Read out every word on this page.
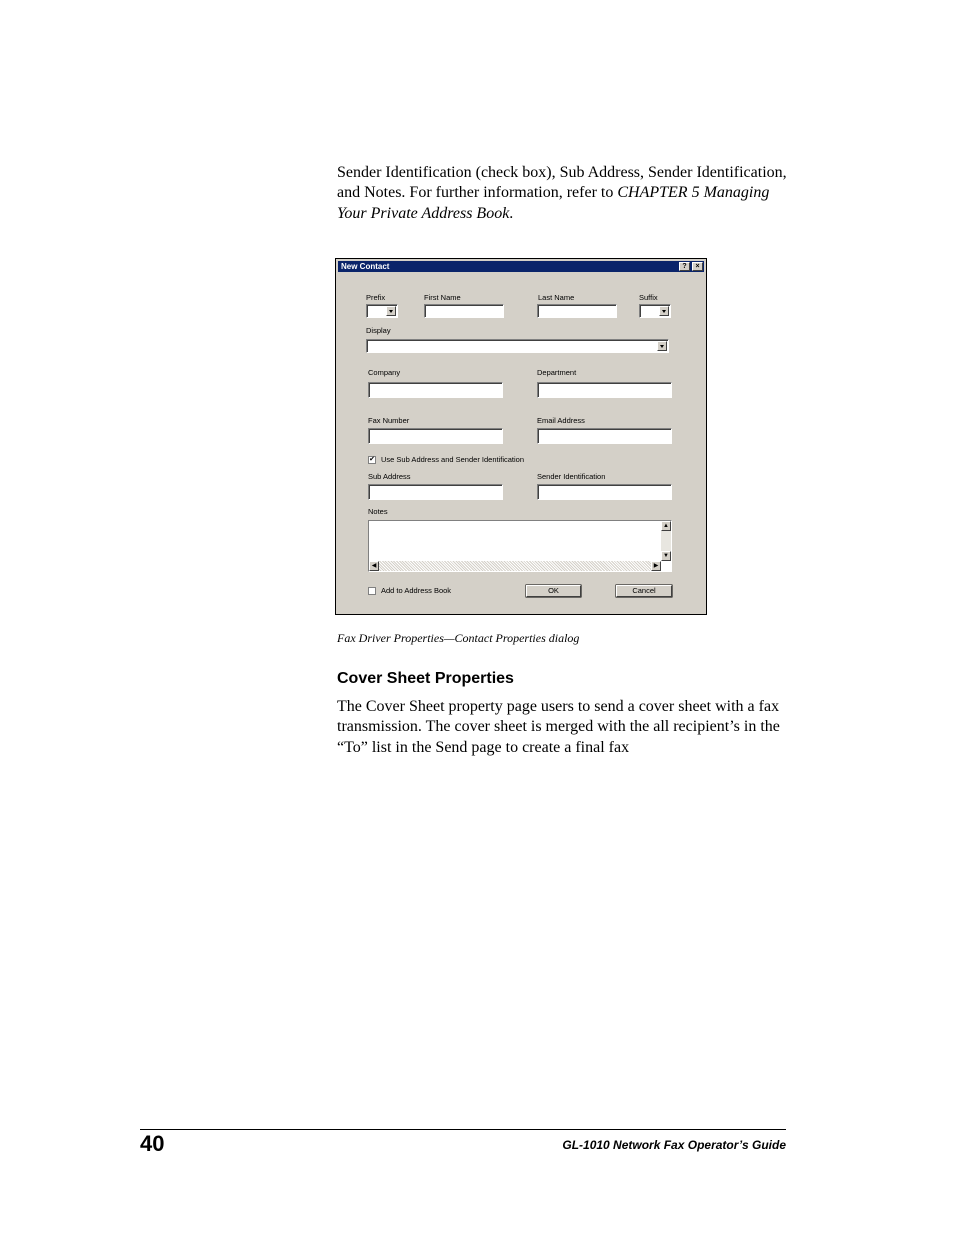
Sender Identification (check box), Sub Address, Sender Identification, and Notes. For further information, refer to CHAPTER 5 Managing Your Private Address Book.

New Contact	?	×
Prefix	First Name	Last Name	Suffix
Display
Company	Department
Fax Number	Email Address
✔ Use Sub Address and Sender Identification
Sub Address	Sender Identification
Notes
▲
▼
◀	▶
Add to Address Book	OK	Cancel
Fax Driver Properties—Contact Properties dialog
Cover Sheet Properties

The Cover Sheet property page users to send a cover sheet with a fax transmission. The cover sheet is merged with the all recipient’s in the “To” list in the Send page to create a final fax

40	GL-1010 Network Fax Operator’s Guide
